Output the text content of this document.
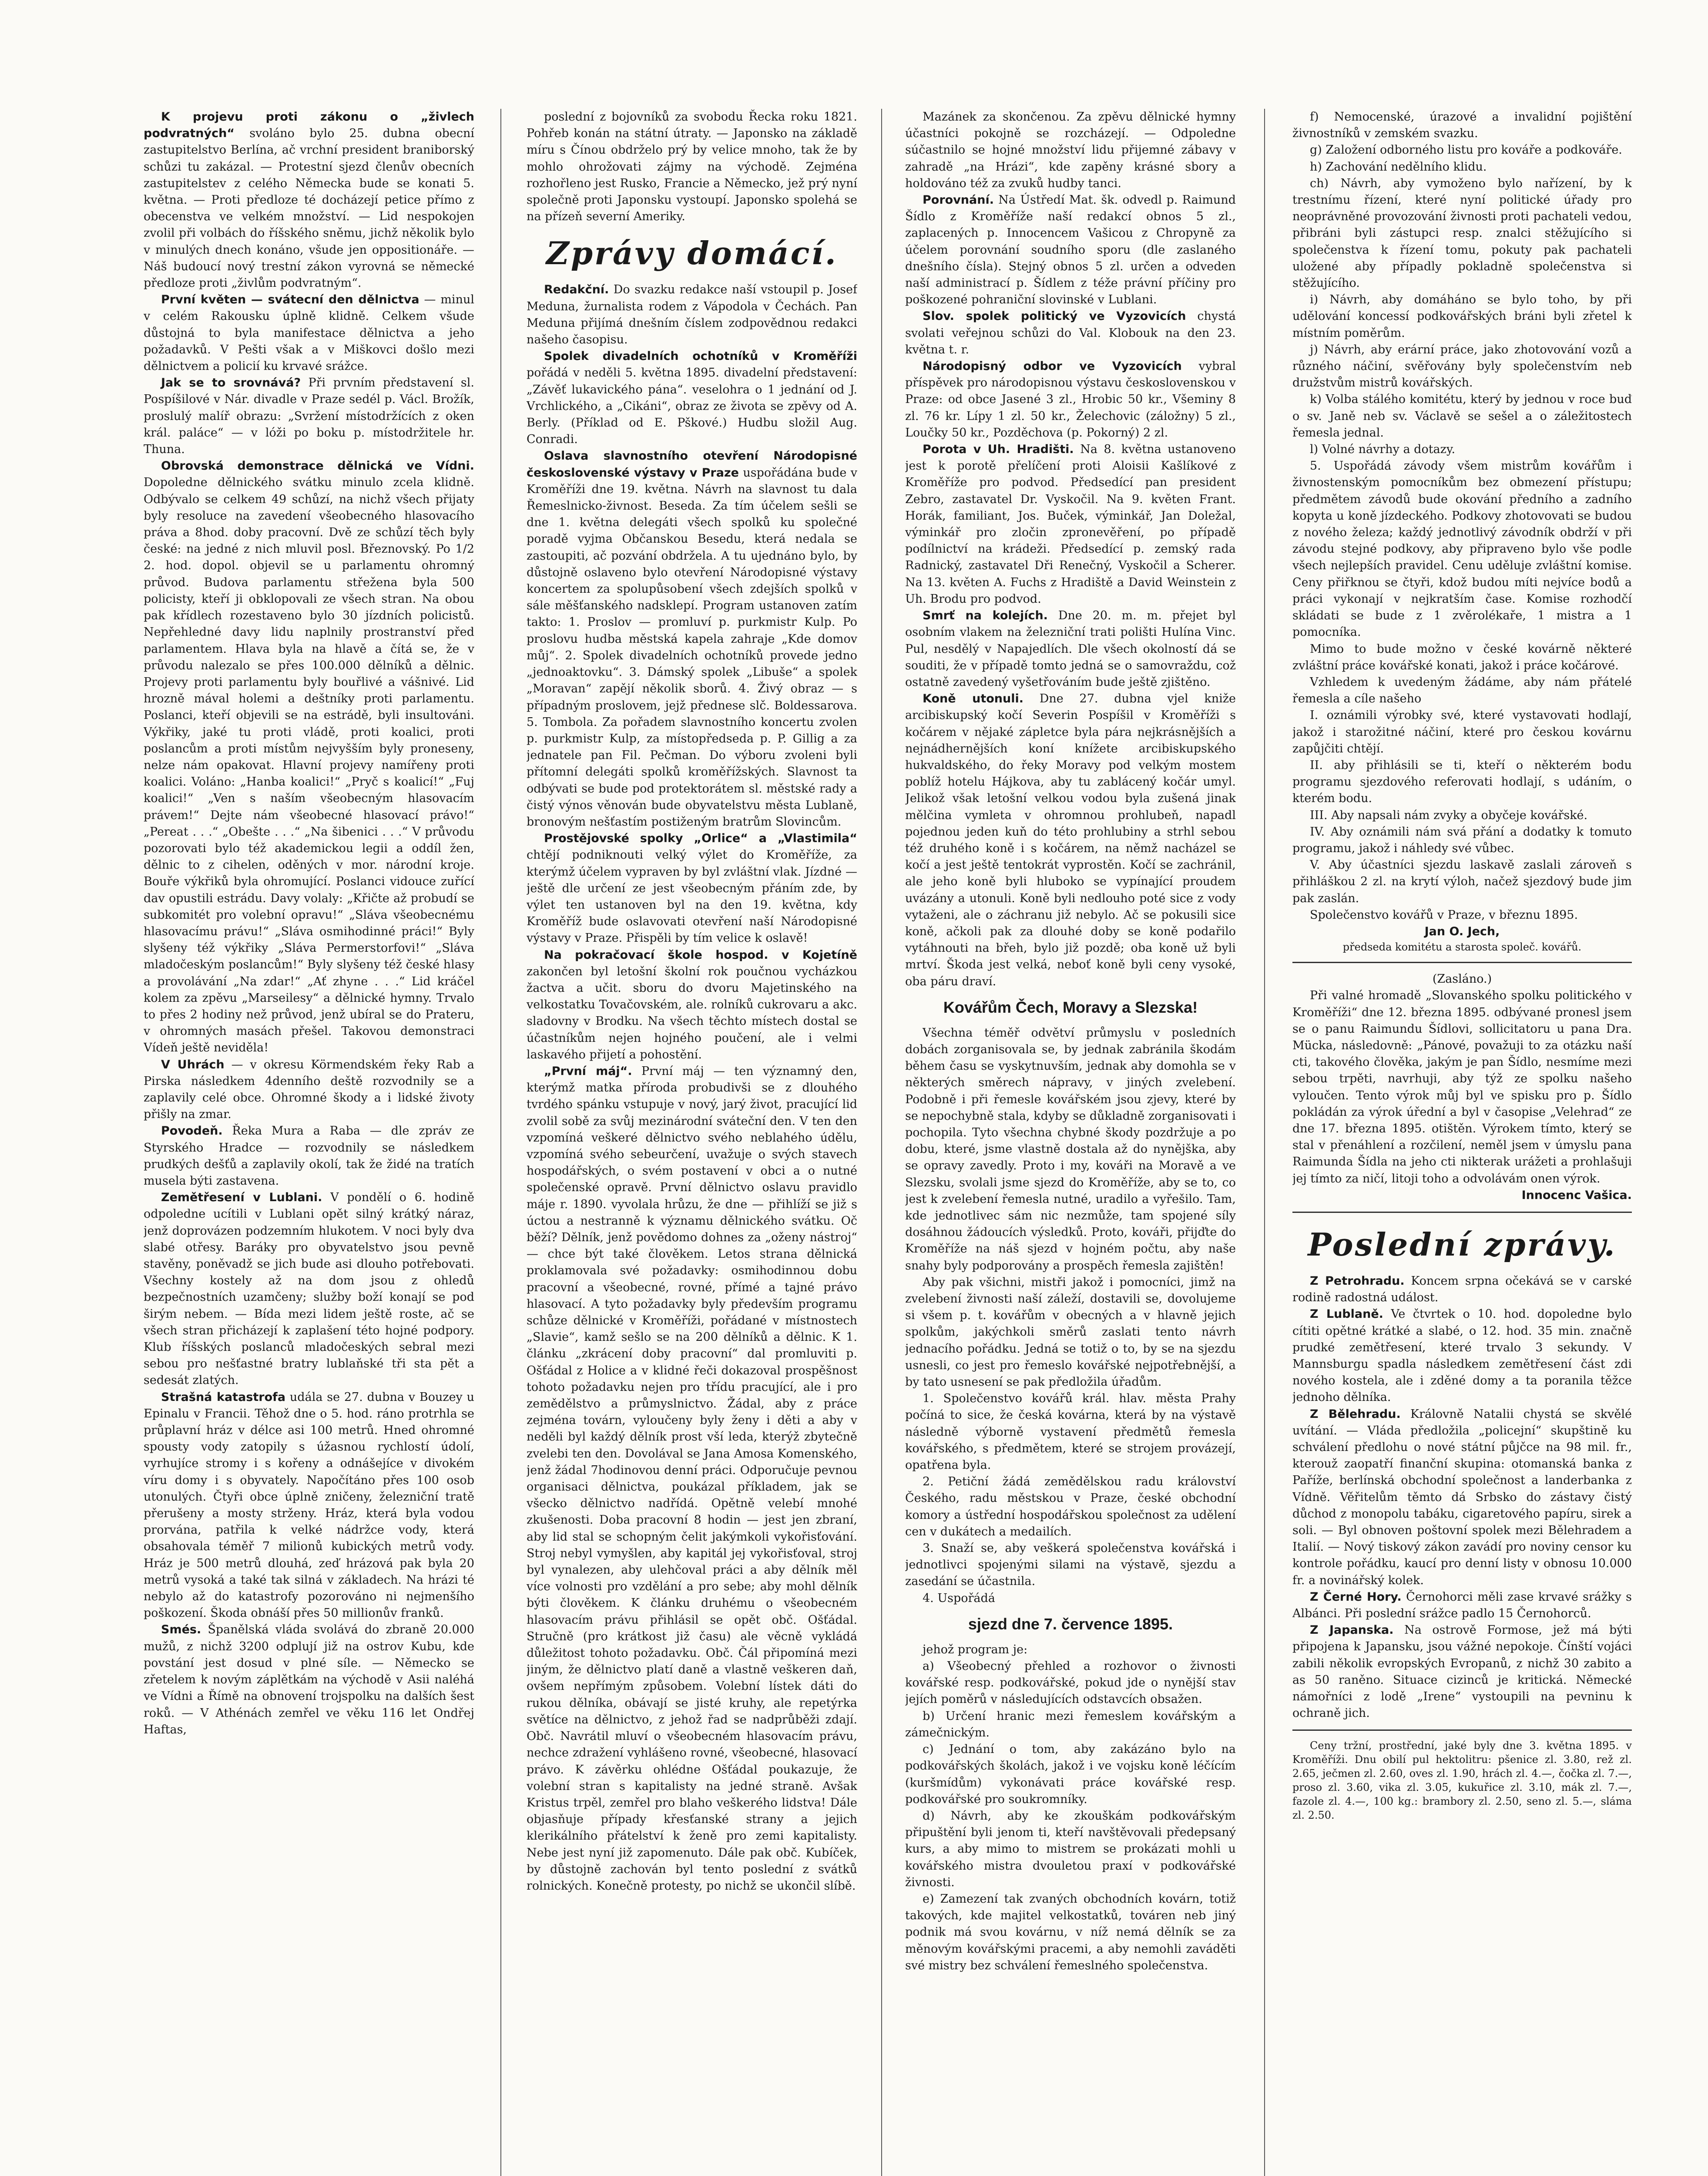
K projevu proti zákonu o „živlech podvratných“ svoláno bylo 25. dubna obecní zastupitelstvo Berlína, ač vrchní president braniborský schůzi tu zakázal. — Protestní sjezd členův obecních zastupitelstev z celého Německa bude se konati 5. května. — Proti předloze té docházejí petice přímo z obecenstva ve velkém množství. — Lid nespokojen zvolil při volbách do říšského sněmu, jichž několik bylo v minulých dnech konáno, všude jen oppositionáře. — Náš budoucí nový trestní zákon vyrovná se německé předloze proti „živlům podvratným“.

První květen — svátecní den dělnictva — minul v celém Rakousku úplně klidně. Celkem všude důstojná to byla manifestace dělnictva a jeho požadavků. V Pešti však a v Miškovci došlo mezi dělnictvem a policií ku krvavé srážce.

Jak se to srovnává? Při prvním představení sl. Pospíšilové v Nár. divadle v Praze sedél p. Václ. Brožík, proslulý malíř obrazu: „Svržení místodržících z oken král. paláce“ — v lóži po boku p. místodržitele hr. Thuna.

Obrovská demonstrace dělnická ve Vídni. Dopoledne dělnického svátku minulo zcela klidně. Odbývalo se celkem 49 schůzí, na nichž všech přijaty byly resoluce na zavedení všeobecného hlasovacího práva a 8hod. doby pracovní. Dvě ze schůzí těch byly české: na jedné z nich mluvil posl. Březnovský. Po 1/2 2. hod. dopol. objevil se u parlamentu ohromný průvod. Budova parlamentu střežena byla 500 policisty, kteří ji obklopovali ze všech stran. Na obou pak křídlech rozestaveno bylo 30 jízdních policistů. Nepřehledné davy lidu naplnily prostranství před parlamentem. Hlava byla na hlavě a čítá se, že v průvodu nalezalo se přes 100.000 dělníků a dělnic. Projevy proti parlamentu byly bouřlivé a vášnivé. Lid hrozně mával holemi a deštníky proti parlamentu. Poslanci, kteří objevili se na estrádě, byli insultováni. Výkřiky, jaké tu proti vládě, proti koalici, proti poslancům a proti místům nejvyšším byly proneseny, nelze nám opakovat. Hlavní projevy namířeny proti koalici. Voláno: „Hanba koalici!“ „Pryč s koalicí!“ „Fuj koalici!“ „Ven s naším všeobecným hlasovacím právem!“ Dejte nám všeobecné hlasovací právo!“ „Pereat . . .“ „Obešte . . .“ „Na šibenici . . .“ V průvodu pozorovati bylo též akademickou legii a oddíl žen, dělnic to z cihelen, oděných v mor. národní kroje. Bouře výkřiků byla ohromující. Poslanci vidouce zuřící dav opustili estrádu. Davy volaly: „Křičte až probudí se subkomitét pro volební opravu!“ „Sláva všeobecnému hlasovacímu právu!“ „Sláva osmihodinné práci!“ Byly slyšeny též výkřiky „Sláva Permerstorfovi!“ „Sláva mladočeským poslancům!“ Byly slyšeny též české hlasy a provolávání „Na zdar!“ „Ať zhyne . . .“ Lid kráčel kolem za zpěvu „Marseilesy“ a dělnické hymny. Trvalo to přes 2 hodiny než průvod, jenž ubíral se do Prateru, v ohromných masách přešel. Takovou demonstraci Vídeň ještě neviděla!

V Uhrách — v okresu Körmendském řeky Rab a Pirska následkem 4denního deště rozvodnily se a zaplavily celé obce. Ohromné škody a i lidské životy přišly na zmar.

Povodeň. Řeka Mura a Raba — dle zpráv ze Styrského Hradce — rozvodnily se následkem prudkých dešťů a zaplavily okolí, tak že židé na tratích musela býti zastavena.

Zemětřesení v Lublani. V pondělí o 6. hodině odpoledne ucítili v Lublani opět silný krátký náraz, jenž doprovázen podzemním hlukotem. V noci byly dva slabé otřesy. Baráky pro obyvatelstvo jsou pevně stavěny, poněvadž se jich bude asi dlouho potřebovati. Všechny kostely až na dom jsou z ohledů bezpečnostních uzamčeny; služby boží konají se pod širým nebem. — Bída mezi lidem ještě roste, ač se všech stran přicházejí k zaplašení této hojné podpory. Klub říšských poslanců mladočeských sebral mezi sebou pro nešťastné bratry lublaňské tři sta pět a sedesát zlatých.

Strašná katastrofa udála se 27. dubna v Bouzey u Epinalu v Francii. Těhož dne o 5. hod. ráno protrhla se průplavní hráz v délce asi 100 metrů. Hned ohromné spousty vody zatopily s úžasnou rychlostí údolí, vyrhujíce stromy i s kořeny a odnášejíce v divokém víru domy i s obyvately. Napočítáno přes 100 osob utonulých. Čtyři obce úplně zničeny, železniční tratě přerušeny a mosty strženy. Hráz, která byla vodou prorvána, patřila k velké nádržce vody, která obsahovala téměř 7 milionů kubických metrů vody. Hráz je 500 metrů dlouhá, zeď hrázová pak byla 20 metrů vysoká a také tak silná v základech. Na hrázi té nebylo až do katastrofy pozorováno ni nejmenšího poškození. Škoda obnáší přes 50 millionův franků.

Smés. Španělská vláda svolává do zbraně 20.000 mužů, z nichž 3200 odplují již na ostrov Kubu, kde povstání jest dosud v plné síle. — Německo se zřetelem k novým záplětkám na východě v Asii naléhá ve Vídni a Římě na obnovení trojspolku na dalších šest roků. — V Athénách zemřel ve věku 116 let Ondřej Haftas,

poslední z bojovníků za svobodu Řecka roku 1821. Pohřeb konán na státní útraty. — Japonsko na základě míru s Čínou obdrželo prý by velice mnoho, tak že by mohlo ohrožovati zájmy na východě. Zejména rozhořleno jest Rusko, Francie a Německo, jež prý nyní společně proti Japonsku vystoupí. Japonsko spolehá se na přízeň severní Ameriky.

Zprávy domácí.

Redakční. Do svazku redakce naší vstoupil p. Josef Meduna, žurnalista rodem z Vápodola v Čechách. Pan Meduna přijímá dnešním číslem zodpovědnou redakci našeho časopisu.

Spolek divadelních ochotníků v Kroměříži pořádá v neděli 5. května 1895. divadelní představení: „Závěť lukavického pána“. veselohra o 1 jednání od J. Vrchlického, a „Cikáni“, obraz ze života se zpěvy od A. Berly. (Příklad od E. Pškové.) Hudbu složil Aug. Conradi.

Oslava slavnostního otevření Národopisné československé výstavy v Praze uspořádána bude v Kroměříži dne 19. května. Návrh na slavnost tu dala Řemeslnicko-živnost. Beseda. Za tím účelem sešli se dne 1. května delegáti všech spolků ku společné poradě vyjma Občanskou Besedu, která nedala se zastoupiti, ač pozvání obdržela. A tu ujednáno bylo, by důstojně oslaveno bylo otevření Národopisné výstavy koncertem za spolupůsobení všech zdejších spolků v sále měšťanského nadsklepí. Program ustanoven zatím takto: 1. Proslov — promluví p. purkmistr Kulp. Po proslovu hudba městská kapela zahraje „Kde domov můj“. 2. Spolek divadelních ochotníků provede jedno „jednoaktovku“. 3. Dámský spolek „Libuše“ a spolek „Moravan“ zapějí několik sborů. 4. Živý obraz — s případným proslovem, jejž přednese slč. Boldessarova. 5. Tombola. Za pořadem slavnostního koncertu zvolen p. purkmistr Kulp, za místopředseda p. P. Gillig a za jednatele pan Fil. Pečman. Do výboru zvoleni byli přítomní delegáti spolků kroměřížských. Slavnost ta odbývati se bude pod protektorátem sl. městské rady a čistý výnos věnován bude obyvatelstvu města Lublaně, bronovým nešťastím postiženým bratrům Slovincům.

Prostějovské spolky „Orlice“ a „Vlastimila“ chtějí podniknouti velký výlet do Kroměříže, za kterýmž účelem vypraven by byl zvláštní vlak. Jízdné — ještě dle určení ze jest všeobecným přáním zde, by výlet ten ustanoven byl na den 19. května, kdy Kroměříž bude oslavovati otevření naší Národopisné výstavy v Praze. Přispěli by tím velice k oslavě!

Na pokračovací škole hospod. v Kojetíně zakončen byl letošní školní rok poučnou vycházkou žactva a učit. sboru do dvoru Majetinského na velkostatku Tovačovském, ale. rolníků cukrovaru a akc. sladovny v Brodku. Na všech těchto místech dostal se účastníkům nejen hojného poučení, ale i velmi laskavého přijetí a pohostění.

„První máj“. První máj — ten významný den, kterýmž matka příroda probudivši se z dlouhého tvrdého spánku vstupuje v nový, jarý život, pracující lid zvolil sobě za svůj mezinárodní sváteční den. V ten den vzpomíná veškeré dělnictvo svého neblahého údělu, vzpomíná svého sebeurčení, uvažuje o svých stavech hospodářských, o svém postavení v obci a o nutné společenské opravě. První dělnictvo oslavu pravidlo máje r. 1890. vyvolala hrůzu, že dne — přihlíží se již s úctou a nestranně k významu dělnického svátku. Oč běží? Dělník, jenž povědomo dohnes za „oženy nástroj“ — chce být také člověkem. Letos strana dělnická proklamovala své požadavky: osmihodinnou dobu pracovní a všeobecné, rovné, přímé a tajné právo hlasovací. A tyto požadavky byly především programu schůze dělnické v Kroměříži, pořádané v místnostech „Slavie“, kamž sešlo se na 200 dělníků a dělnic. K 1. článku „zkrácení doby pracovní“ dal promluviti p. Ošťádal z Holice a v klidné řeči dokazoval prospěšnost tohoto požadavku nejen pro třídu pracující, ale i pro zemědělstvo a průmyslnictvo. Žádal, aby z práce zejména továrn, vyloučeny byly ženy i děti a aby v neděli byl každý dělník prost vší leda, kterýž zbytečně zvelebi ten den. Dovolával se Jana Amosa Komenského, jenž žádal 7hodinovou denní práci. Odporučuje pevnou organisaci dělnictva, poukázal příkladem, jak se všecko dělnictvo nadřídá. Opětně velebí mnohé zkušenosti. Doba pracovní 8 hodin — jest jen zbraní, aby lid stal se schopným čelit jakýmkoli vykořisťování. Stroj nebyl vymyšlen, aby kapitál jej vykořisťoval, stroj byl vynalezen, aby ulehčoval práci a aby dělník měl více volnosti pro vzdělání a pro sebe; aby mohl dělník býti člověkem. K článku druhému o všeobecném hlasovacím právu přihlásil se opět obč. Ošťádal. Stručně (pro krátkost již času) ale věcně vykládá důležitost tohoto požadavku. Obč. Čál připomíná mezi jiným, že dělnictvo platí daně a vlastně veškeren daň, ovšem nepřímým způsobem. Volební lístek dáti do rukou dělníka, obávají se jisté kruhy, ale repetýrka světíce na dělnictvo, z jehož řad se nadprůběži zdají. Obč. Navrátil mluví o všeobecném hlasovacím právu, nechce zdražení vyhlášeno rovné, všeobecné, hlasovací právo. K závěrku ohlédne Ošťádal poukazuje, že volební stran s kapitalisty na jedné straně. Avšak Kristus trpěl, zemřel pro blaho veškerého lidstva! Dále objasňuje případy křesťanské strany a jejich klerikálního přátelství k ženě pro zemi kapitalisty. Nebe jest nyní již zapomenuto. Dále pak obč. Kubíček, by důstojně zachován byl tento poslední z svátků rolnických. Konečně protesty, po nichž se ukončil slíbě.

Mazánek za skončenou. Za zpěvu dělnické hymny účastníci pokojně se rozcházejí. — Odpoledne súčastnilo se hojné množství lidu přijemné zábavy v zahradě „na Hrázi“, kde zapěny krásné sbory a holdováno též za zvuků hudby tanci.

Porovnání. Na Ústředí Mat. šk. odvedl p. Raimund Šídlo z Kroměříže naší redakcí obnos 5 zl., zaplacených p. Innocencem Vašicou z Chropyně za účelem porovnání soudního sporu (dle zaslaného dnešního čísla). Stejný obnos 5 zl. určen a odveden naší administrací p. Šídlem z téže právní příčiny pro poškozené pohraniční slovinské v Lublani.

Slov. spolek politický ve Vyzovicích chystá svolati veřejnou schůzi do Val. Klobouk na den 23. května t. r.

Národopisný odbor ve Vyzovicích vybral příspěvek pro národopisnou výstavu československou v Praze: od obce Jasené 3 zl., Hrobic 50 kr., Všeminy 8 zl. 76 kr. Lípy 1 zl. 50 kr., Želechovic (záložny) 5 zl., Loučky 50 kr., Pozděchova (p. Pokorný) 2 zl.

Porota v Uh. Hradišti. Na 8. května ustanoveno jest k porotě přelíčení proti Aloisii Kašlíkové z Kroměříže pro podvod. Předsedící pan president Zebro, zastavatel Dr. Vyskočil. Na 9. květen Frant. Horák, familiant, Jos. Buček, výminkář, Jan Doležal, výminkář pro zločin zpronevěření, po případě podílnictví na krádeži. Předsedící p. zemský rada Radnický, zastavatel Dři Renečný, Vyskočil a Scherer. Na 13. květen A. Fuchs z Hradiště a David Weinstein z Uh. Brodu pro podvod.

Smrť na kolejích. Dne 20. m. m. přejet byl osobním vlakem na železniční trati polišti Hulína Vinc. Pul, nesdělý v Napajedlích. Dle všech okolností dá se souditi, že v případě tomto jedná se o samovraždu, což ostatně zavedený vyšetřováním bude ještě zjištěno.

Koně utonuli. Dne 27. dubna vjel kniže arcibiskupský kočí Severin Pospíšil v Kroměříži s kočárem v nějaké zápletce byla pára nejkrásnějších a nejnádhernějších koní knížete arcibiskupského hukvaldského, do řeky Moravy pod velkým mostem poblíž hotelu Hájkova, aby tu zablácený kočár umyl. Jelikož však letošní velkou vodou byla zušená jinak mělčina vymleta v ohromnou prohlubeň, napadl pojednou jeden kuň do této prohlubiny a strhl sebou též druhého koně i s kočárem, na němž nacházel se kočí a jest ještě tentokrát vyprostěn. Kočí se zachránil, ale jeho koně byli hluboko se vypínající proudem uvázány a utonuli. Koně byli nedlouho poté sice z vody vytaženi, ale o záchranu již nebylo. Ač se pokusili sice koně, ačkoli pak za dlouhé doby se koně podařilo vytáhnouti na břeh, bylo již pozdě; oba koně už byli mrtví. Škoda jest velká, neboť koně byli ceny vysoké, oba páru draví.

Kovářům Čech, Moravy a Slezska!

Všechna téměř odvětví průmyslu v posledních dobách zorganisovala se, by jednak zabránila škodám během času se vyskytnuvším, jednak aby domohla se v některých směrech nápravy, v jiných zvelebení. Podobně i při řemesle kovářském jsou zjevy, které by se nepochybně stala, kdyby se důkladně zorganisovati i pochopila. Tyto všechna chybné škody pozdržuje a po dobu, které, jsme vlastně dostala až do nynějška, aby se opravy zavedly. Proto i my, kováři na Moravě a ve Slezsku, svolali jsme sjezd do Kroměříže, aby se to, co jest k zvelebení řemesla nutné, uradilo a vyřešilo. Tam, kde jednotlivec sám nic nezmůže, tam spojené síly dosáhnou žádoucích výsledků. Proto, kováři, přijďte do Kroměříže na náš sjezd v hojném počtu, aby naše snahy byly podporovány a prospěch řemesla zajištěn!

Aby pak všichni, mistři jakož i pomocníci, jimž na zvelebení živnosti naší záleží, dostavili se, dovolujeme si všem p. t. kovářům v obecných a v hlavně jejich spolkům, jakýchkoli směrů zaslati tento návrh jednacího pořádku. Jedná se totiž o to, by se na sjezdu usnesli, co jest pro řemeslo kovářské nejpotřebnější, a by tato usnesení se pak předložila úřadům.

1. Společenstvo kovářů král. hlav. města Prahy počíná to sice, že česká kovárna, která by na výstavě následně výborně vystavení předmětů řemesla kovářského, s předmětem, které se strojem provázejí, opatřena byla.

2. Petiční žádá zemědělskou radu království Českého, radu městskou v Praze, české obchodní komory a ústřední hospodářskou společnost za udělení cen v dukátech a medailích.

3. Snaží se, aby veškerá společenstva kovářská i jednotlivci spojenými silami na výstavě, sjezdu a zasedání se účastnila.

4. Uspořádá

sjezd dne 7. července 1895.

jehož program je:

a) Všeobecný přehled a rozhovor o živnosti kovářské resp. podkovářské, pokud jde o nynější stav jejích poměrů v následujících odstavcích obsažen.

b) Určení hranic mezi řemeslem kovářským a zámečnickým.

c) Jednání o tom, aby zakázáno bylo na podkovářských školách, jakož i ve vojsku koně léčícím (kuršmídům) vykonávati práce kovářské resp. podkovářské pro soukromníky.

d) Návrh, aby ke zkouškám podkovářským připuštění byli jenom ti, kteří navštěvovali předepsaný kurs, a aby mimo to mistrem se prokázati mohli u kovářského mistra dvouletou praxí v podkovářské živnosti.

e) Zamezení tak zvaných obchodních kovárn, totiž takových, kde majitel velkostatků, továren neb jiný podnik má svou kovárnu, v níž nemá dělník se za měnovým kovářskými pracemi, a aby nemohli zaváděti své mistry bez schválení řemeslného společenstva.

f) Nemocenské, úrazové a invalidní pojištění živnostníků v zemském svazku.

g) Založení odborného listu pro kováře a podkováře.

h) Zachování nedělního klidu.

ch) Návrh, aby vymoženo bylo nařízení, by k trestnímu řízení, které nyní politické úřady pro neoprávněné provozování živnosti proti pachateli vedou, přibráni byli zástupci resp. znalci stěžujícího si společenstva k řízení tomu, pokuty pak pachateli uložené aby případly pokladně společenstva si stěžujícího.

i) Návrh, aby domáháno se bylo toho, by při udělování koncessí podkovářských bráni byli zřetel k místním poměrům.

j) Návrh, aby erární práce, jako zhotovování vozů a různého náčiní, svěřovány byly společenstvím neb družstvům mistrů kovářských.

k) Volba stálého komitétu, který by jednou v roce buď o sv. Janě neb sv. Václavě se sešel a o záležitostech řemesla jednal.

l) Volné návrhy a dotazy.

5. Uspořádá závody všem mistrům kovářům i živnostenským pomocníkům bez obmezení přístupu; předmětem závodů bude okování předního a zadního kopyta u koně jízdeckého. Podkovy zhotovovati se budou z nového železa; každý jednotlivý závodník obdrží v při závodu stejné podkovy, aby připraveno bylo vše podle všech nejlepších pravidel. Cenu uděluje zvláštní komise. Ceny přiřknou se čtyři, kdož budou míti nejvíce bodů a práci vykonají v nejkratším čase. Komise rozhodčí skládati se bude z 1 zvěrolékaře, 1 mistra a 1 pomocníka.

Mimo to bude možno v české kovárně některé zvláštní práce kovářské konati, jakož i práce kočárové.

Vzhledem k uvedeným žádáme, aby nám přátelé řemesla a cíle našeho

I. oznámili výrobky své, které vystavovati hodlají, jakož i starožitné náčiní, které pro českou kovárnu zapůjčiti chtějí.

II. aby přihlásili se ti, kteří o některém bodu programu sjezdového referovati hodlají, s udáním, o kterém bodu.

III. Aby napsali nám zvyky a obyčeje kovářské.

IV. Aby oznámili nám svá přání a dodatky k tomuto programu, jakož i náhledy své vůbec.

V. Aby účastníci sjezdu laskavě zaslali zároveň s přihláškou 2 zl. na krytí výloh, načež sjezdový bude jim pak zaslán.

Společenstvo kovářů v Praze, v březnu 1895.

Jan O. Jech,

předseda komitétu a starosta společ. kovářů.

(Zasláno.)

Při valné hromadě „Slovanského spolku politického v Kroměříži“ dne 12. března 1895. odbývané pronesl jsem se o panu Raimundu Šídlovi, sollicitatoru u pana Dra. Mücka, následovně: „Pánové, považuji to za otázku naší cti, takového člověka, jakým je pan Šídlo, nesmíme mezi sebou trpěti, navrhuji, aby týž ze spolku našeho vyloučen. Tento výrok můj byl ve spisku pro p. Šídlo pokládán za výrok úřední a byl v časopise „Velehrad“ ze dne 17. března 1895. otištěn. Výrokem tímto, který se stal v přenáhlení a rozčilení, neměl jsem v úmyslu pana Raimunda Šídla na jeho cti nikterak urážeti a prohlašuji jej tímto za ničí, litoji toho a odvolávám onen výrok.

Innocenc Vašica.

Poslední zprávy.

Z Petrohradu. Koncem srpna očekává se v carské rodině radostná událost.

Z Lublaně. Ve čtvrtek o 10. hod. dopoledne bylo cítiti opětné krátké a slabé, o 12. hod. 35 min. značně prudké zemětřesení, které trvalo 3 sekundy. V Mannsburgu spadla následkem zemětřesení část zdi nového kostela, ale i zděné domy a ta poranila těžce jednoho dělníka.

Z Bělehradu. Královně Natalii chystá se skvělé uvítání. — Vláda předložila „policejní“ skupštině ku schválení předlohu o nové státní půjčce na 98 mil. fr., kterouž zaopatří finanční skupina: otomanská banka z Paříže, berlínská obchodní společnost a landerbanka z Vídně. Věřitelům těmto dá Srbsko do zástavy čistý důchod z monopolu tabáku, cigaretového papíru, sirek a soli. — Byl obnoven poštovní spolek mezi Bělehradem a Italií. — Nový tiskový zákon zavádí pro noviny censor ku kontrole pořádku, kaucí pro denní listy v obnosu 10.000 fr. a novinářský kolek.

Z Černé Hory. Černohorci měli zase krvavé srážky s Albánci. Při poslední srážce padlo 15 Černohorců.

Z Japanska. Na ostrově Formose, jež má býti připojena k Japansku, jsou vážné nepokoje. Čínští vojáci zabili několik evropských Evropanů, z nichž 30 zabito a as 50 raněno. Situace cizinců je kritická. Německé námořníci z lodě „Irene“ vystoupili na pevninu k ochraně jich.

Ceny tržní, prostřední, jaké byly dne 3. května 1895. v Kroměříži. Dnu obilí pul hektolitru: pšenice zl. 3.80, rež zl. 2.65, ječmen zl. 2.60, oves zl. 1.90, hrách zl. 4.—, čočka zl. 7.—, proso zl. 3.60, vika zl. 3.05, kukuřice zl. 3.10, mák zl. 7.—, fazole zl. 4.—, 100 kg.: brambory zl. 2.50, seno zl. 5.—, sláma zl. 2.50.
